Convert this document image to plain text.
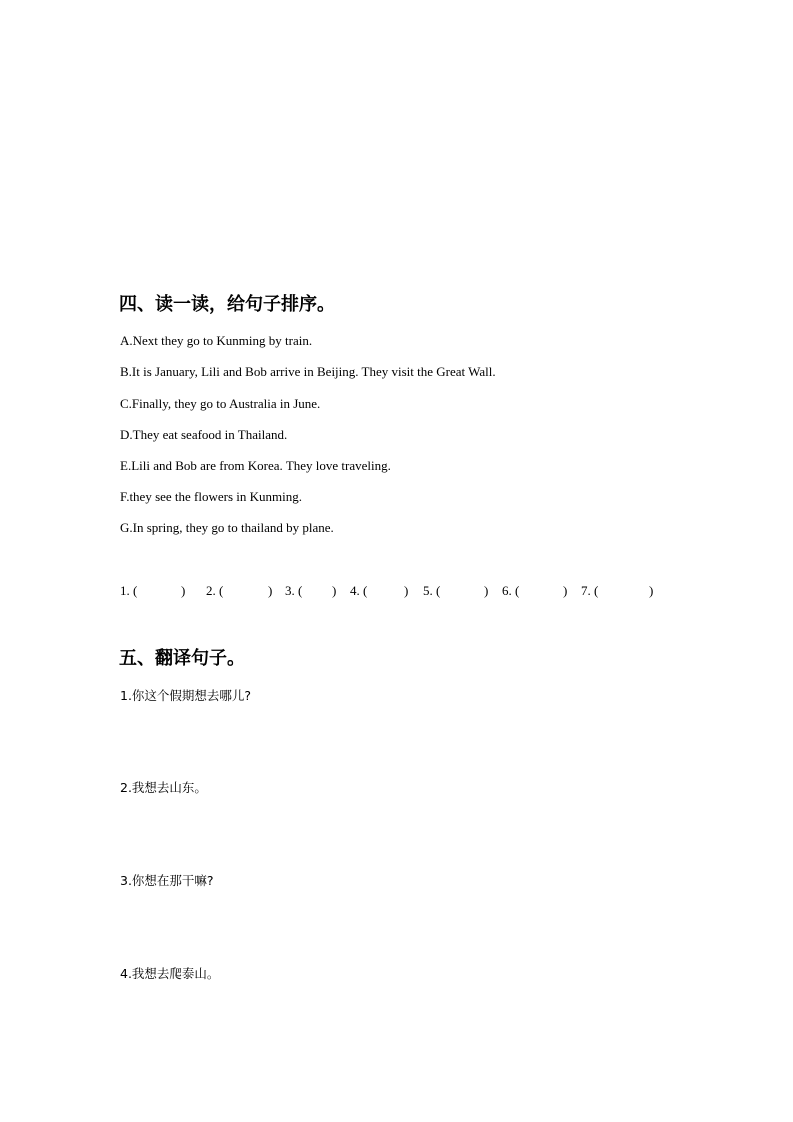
四、读一读，给句子排序。
A.Next they go to Kunming by train.
B.It is January, Lili and Bob arrive in Beijing. They visit the Great Wall.
C.Finally, they go to Australia in June.
D.They eat seafood in Thailand.
E.Lili and Bob are from Korea. They love traveling.
F.they see the flowers in Kunming.
G.In spring, they go to thailand by plane.
1. (	) 2. (	) 3. ( ) 4. (	) 5. (	) 6. (	) 7. (	)
五、翻译句子。
1.你这个假期想去哪儿?
2.我想去山东。
3.你想在那干嘛?
4.我想去爬泰山。
